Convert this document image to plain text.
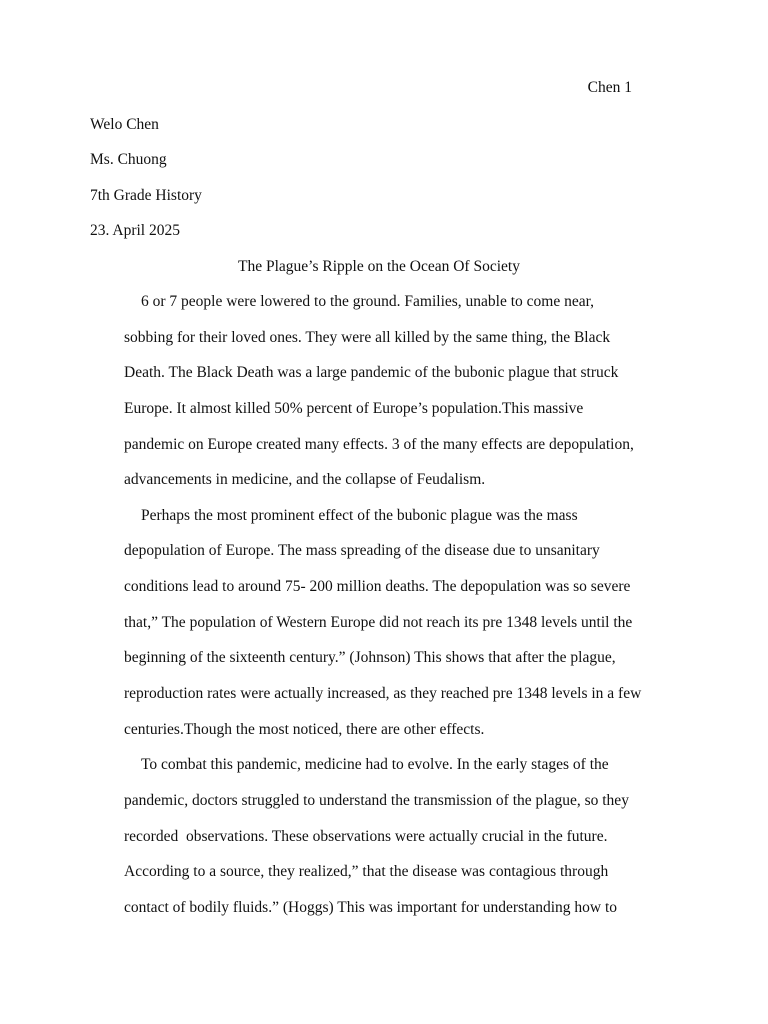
Chen 1
Welo Chen
Ms. Chuong
7th Grade History
23. April 2025
The Plague’s Ripple on the Ocean Of Society
6 or 7 people were lowered to the ground. Families, unable to come near,
sobbing for their loved ones. They were all killed by the same thing, the Black
Death. The Black Death was a large pandemic of the bubonic plague that struck
Europe. It almost killed 50% percent of Europe’s population.This massive
pandemic on Europe created many effects. 3 of the many effects are depopulation,
advancements in medicine, and the collapse of Feudalism.
Perhaps the most prominent effect of the bubonic plague was the mass
depopulation of Europe. The mass spreading of the disease due to unsanitary
conditions lead to around 75- 200 million deaths. The depopulation was so severe
that,” The population of Western Europe did not reach its pre 1348 levels until the
beginning of the sixteenth century.” (Johnson) This shows that after the plague,
reproduction rates were actually increased, as they reached pre 1348 levels in a few
centuries.Though the most noticed, there are other effects.
To combat this pandemic, medicine had to evolve. In the early stages of the
pandemic, doctors struggled to understand the transmission of the plague, so they
recorded  observations. These observations were actually crucial in the future.
According to a source, they realized,” that the disease was contagious through
contact of bodily fluids.” (Hoggs) This was important for understanding how to
